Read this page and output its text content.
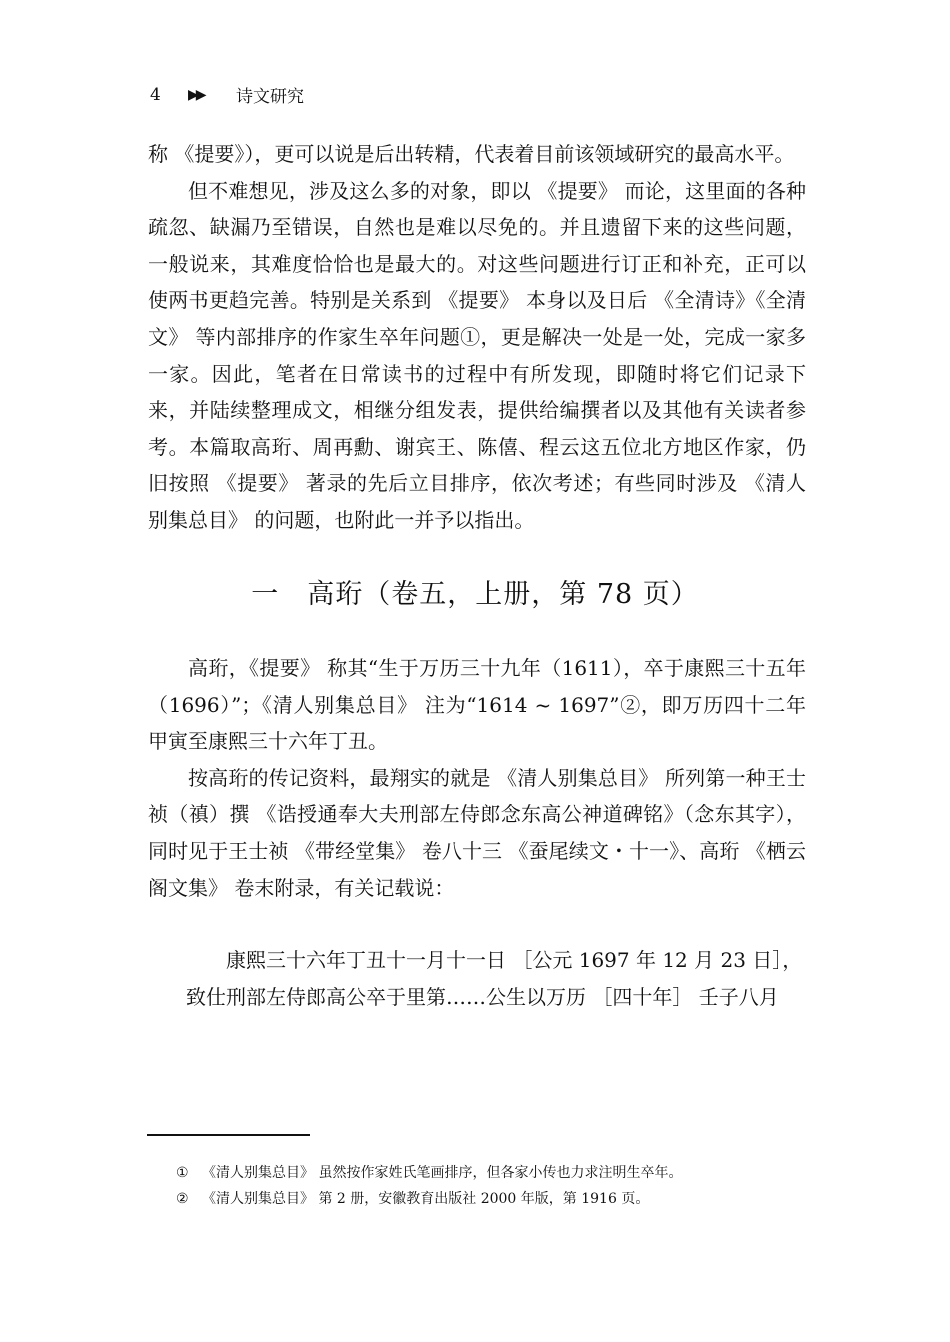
4	▶▶	诗文研究

称 《提要》），更可以说是后出转精，代表着目前该领域研究的最高水平。

但不难想见，涉及这么多的对象，即以 《提要》 而论，这里面的各种疏忽、缺漏乃至错误，自然也是难以尽免的。并且遗留下来的这些问题，一般说来，其难度恰恰也是最大的。对这些问题进行订正和补充，正可以使两书更趋完善。特别是关系到 《提要》 本身以及日后 《全清诗》《全清文》 等内部排序的作家生卒年问题①，更是解决一处是一处，完成一家多一家。因此，笔者在日常读书的过程中有所发现，即随时将它们记录下来，并陆续整理成文，相继分组发表，提供给编撰者以及其他有关读者参考。本篇取高珩、周再勳、谢宾王、陈僖、程云这五位北方地区作家，仍旧按照 《提要》 著录的先后立目排序，依次考述；有些同时涉及 《清人别集总目》 的问题，也附此一并予以指出。

一　高珩（卷五，上册，第 78 页）

高珩，《提要》 称其“生于万历三十九年（1611），卒于康熙三十五年（1696）”；《清人别集总目》 注为“1614 ~ 1697”②，即万历四十二年甲寅至康熙三十六年丁丑。

按高珩的传记资料，最翔实的就是 《清人别集总目》 所列第一种王士祯（禛）撰 《诰授通奉大夫刑部左侍郎念东高公神道碑铭》（念东其字），同时见于王士祯 《带经堂集》 卷八十三 《蚕尾续文・十一》、高珩 《栖云阁文集》 卷末附录，有关记载说：

康熙三十六年丁丑十一月十一日 ［公元 1697 年 12 月 23 日］，

致仕刑部左侍郎高公卒于里第……公生以万历 ［四十年］ 壬子八月

① 《清人别集总目》 虽然按作家姓氏笔画排序，但各家小传也力求注明生卒年。
② 《清人别集总目》 第 2 册，安徽教育出版社 2000 年版，第 1916 页。
